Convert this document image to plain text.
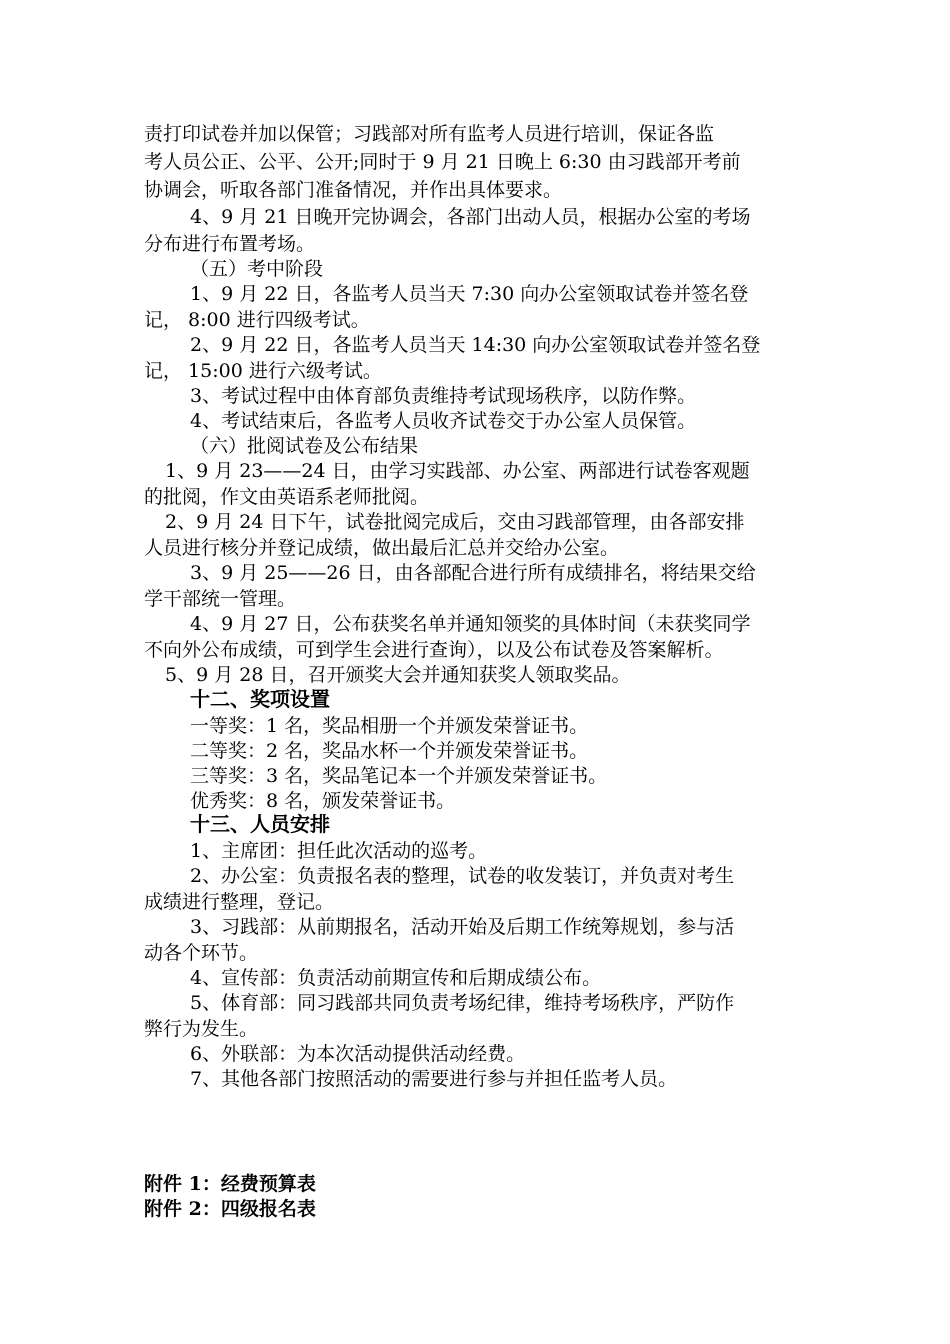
责打印试卷并加以保管；习践部对所有监考人员进行培训，保证各监
考人员公正、公平、公开;同时于 9 月 21 日晚上 6:30 由习践部开考前
协调会，听取各部门准备情况，并作出具体要求。
4、9 月 21 日晚开完协调会，各部门出动人员，根据办公室的考场
分布进行布置考场。
（五）考中阶段
1、9 月 22 日，各监考人员当天 7:30 向办公室领取试卷并签名登
记， 8:00 进行四级考试。
2、9 月 22 日，各监考人员当天 14:30 向办公室领取试卷并签名登
记， 15:00 进行六级考试。
3、考试过程中由体育部负责维持考试现场秩序，以防作弊。
4、考试结束后，各监考人员收齐试卷交于办公室人员保管。
（六）批阅试卷及公布结果
1、9 月 23——24 日，由学习实践部、办公室、两部进行试卷客观题
的批阅，作文由英语系老师批阅。
2、9 月 24 日下午，试卷批阅完成后，交由习践部管理，由各部安排
人员进行核分并登记成绩，做出最后汇总并交给办公室。
3、9 月 25——26 日，由各部配合进行所有成绩排名，将结果交给
学干部统一管理。
4、9 月 27 日，公布获奖名单并通知领奖的具体时间（未获奖同学
不向外公布成绩，可到学生会进行查询），以及公布试卷及答案解析。
5、9 月 28 日，召开颁奖大会并通知获奖人领取奖品。
十二、奖项设置
一等奖：1 名，奖品相册一个并颁发荣誉证书。
二等奖：2 名，奖品水杯一个并颁发荣誉证书。
三等奖：3 名，奖品笔记本一个并颁发荣誉证书。
优秀奖：8 名，颁发荣誉证书。
十三、人员安排
1、主席团：担任此次活动的巡考。
2、办公室：负责报名表的整理，试卷的收发装订，并负责对考生
成绩进行整理，登记。
3、习践部：从前期报名，活动开始及后期工作统筹规划，参与活
动各个环节。
4、宣传部：负责活动前期宣传和后期成绩公布。
5、体育部：同习践部共同负责考场纪律，维持考场秩序，严防作
弊行为发生。
6、外联部：为本次活动提供活动经费。
7、其他各部门按照活动的需要进行参与并担任监考人员。
附件 1：经费预算表
附件 2：四级报名表
